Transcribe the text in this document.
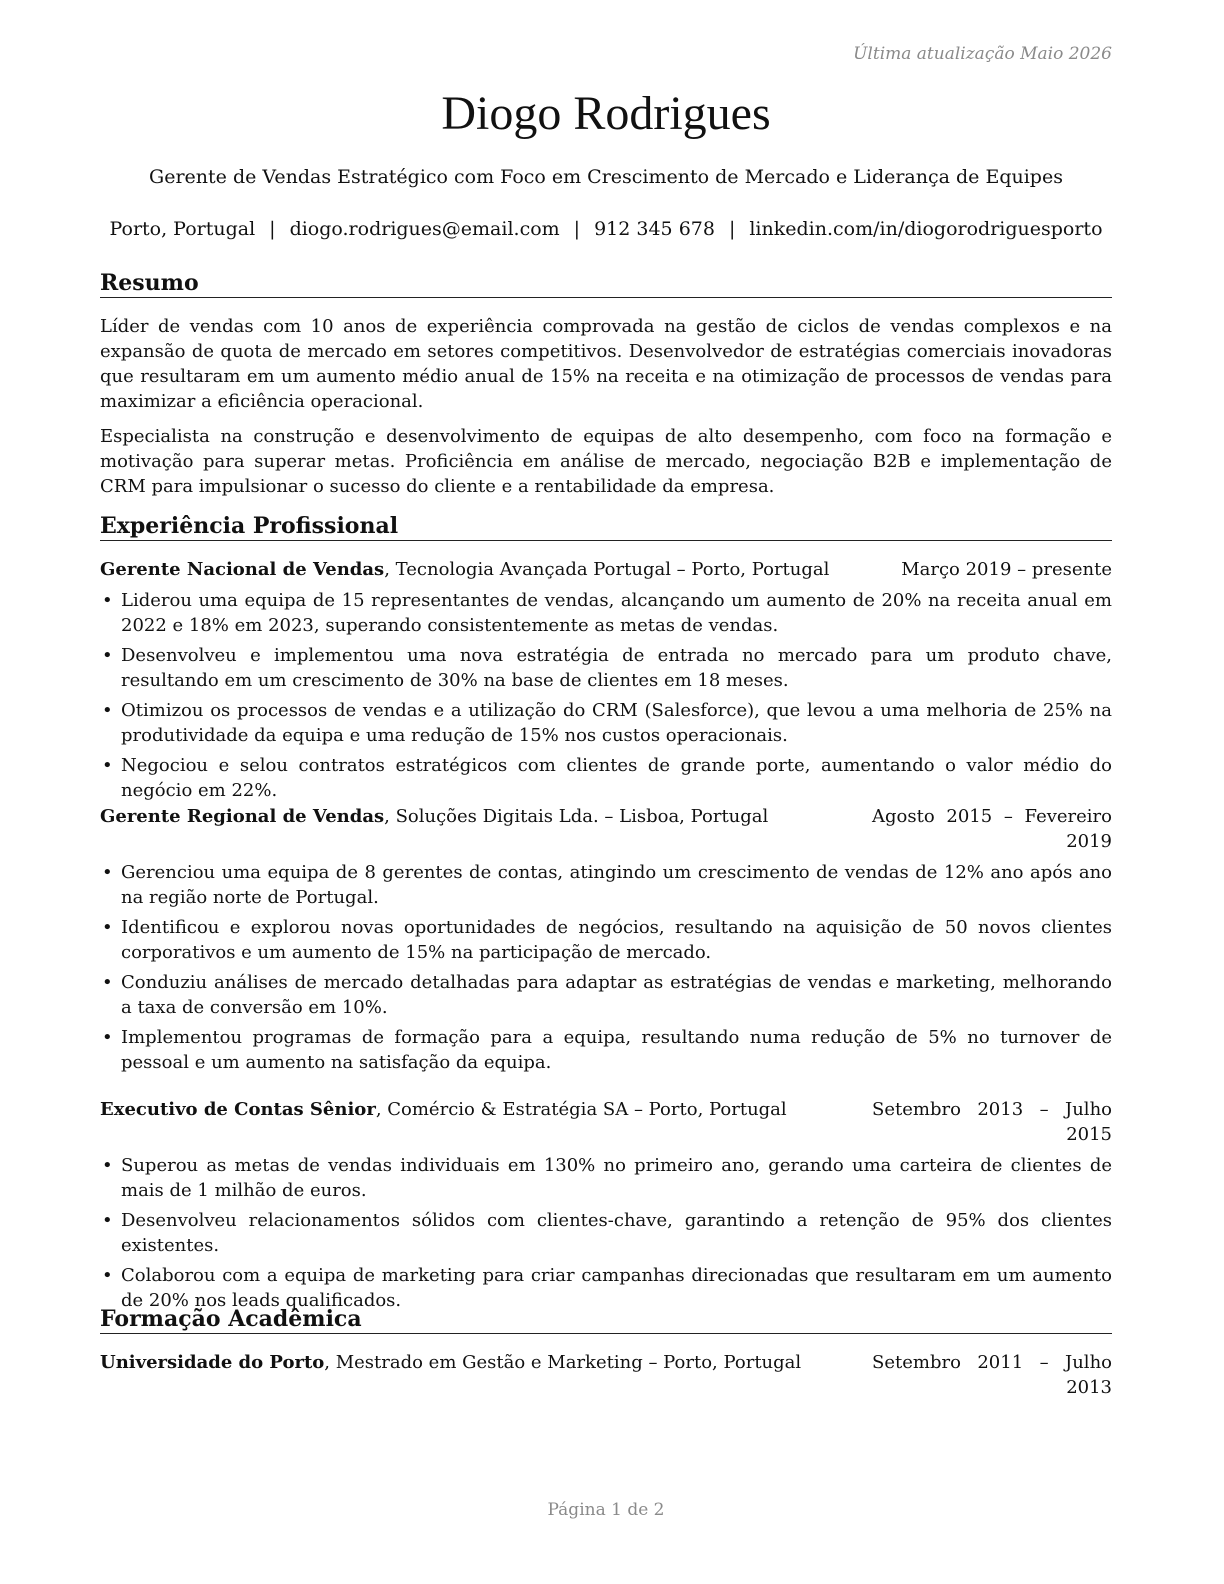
Última atualização Maio 2026
Diogo Rodrigues
Gerente de Vendas Estratégico com Foco em Crescimento de Mercado e Liderança de Equipes
Porto, Portugal | diogo.rodrigues@email.com | 912 345 678 | linkedin.com/in/diogorodriguesporto
Resumo

Líder de vendas com 10 anos de experiência comprovada na gestão de ciclos de vendas complexos e na expansão de quota de mercado em setores competitivos. Desenvolvedor de estratégias comerciais inovadoras que resultaram em um aumento médio anual de 15% na receita e na otimização de processos de vendas para maximizar a eficiência operacional.

Especialista na construção e desenvolvimento de equipas de alto desempenho, com foco na formação e motivação para superar metas. Proficiência em análise de mercado, negociação B2B e implementação de CRM para impulsionar o sucesso do cliente e a rentabilidade da empresa.

Experiência Profissional
Gerente Nacional de Vendas, Tecnologia Avançada Portugal – Porto, Portugal	Março 2019 – presente
• Liderou uma equipa de 15 representantes de vendas, alcançando um aumento de 20% na receita anual em 2022 e 18% em 2023, superando consistentemente as metas de vendas.
• Desenvolveu e implementou uma nova estratégia de entrada no mercado para um produto chave, resultando em um crescimento de 30% na base de clientes em 18 meses.
• Otimizou os processos de vendas e a utilização do CRM (Salesforce), que levou a uma melhoria de 25% na produtividade da equipa e uma redução de 15% nos custos operacionais.
• Negociou e selou contratos estratégicos com clientes de grande porte, aumentando o valor médio do negócio em 22%.
Gerente Regional de Vendas, Soluções Digitais Lda. – Lisboa, Portugal	Agosto 2015 – Fevereiro 2019
• Gerenciou uma equipa de 8 gerentes de contas, atingindo um crescimento de vendas de 12% ano após ano na região norte de Portugal.
• Identificou e explorou novas oportunidades de negócios, resultando na aquisição de 50 novos clientes corporativos e um aumento de 15% na participação de mercado.
• Conduziu análises de mercado detalhadas para adaptar as estratégias de vendas e marketing, melhorando a taxa de conversão em 10%.
• Implementou programas de formação para a equipa, resultando numa redução de 5% no turnover de pessoal e um aumento na satisfação da equipa.
Executivo de Contas Sênior, Comércio & Estratégia SA – Porto, Portugal	Setembro 2013 – Julho 2015
• Superou as metas de vendas individuais em 130% no primeiro ano, gerando uma carteira de clientes de mais de 1 milhão de euros.
• Desenvolveu relacionamentos sólidos com clientes-chave, garantindo a retenção de 95% dos clientes existentes.
• Colaborou com a equipa de marketing para criar campanhas direcionadas que resultaram em um aumento de 20% nos leads qualificados.
Formação Acadêmica
Universidade do Porto, Mestrado em Gestão e Marketing – Porto, Portugal	Setembro 2011 – Julho 2013
Página 1 de 2
